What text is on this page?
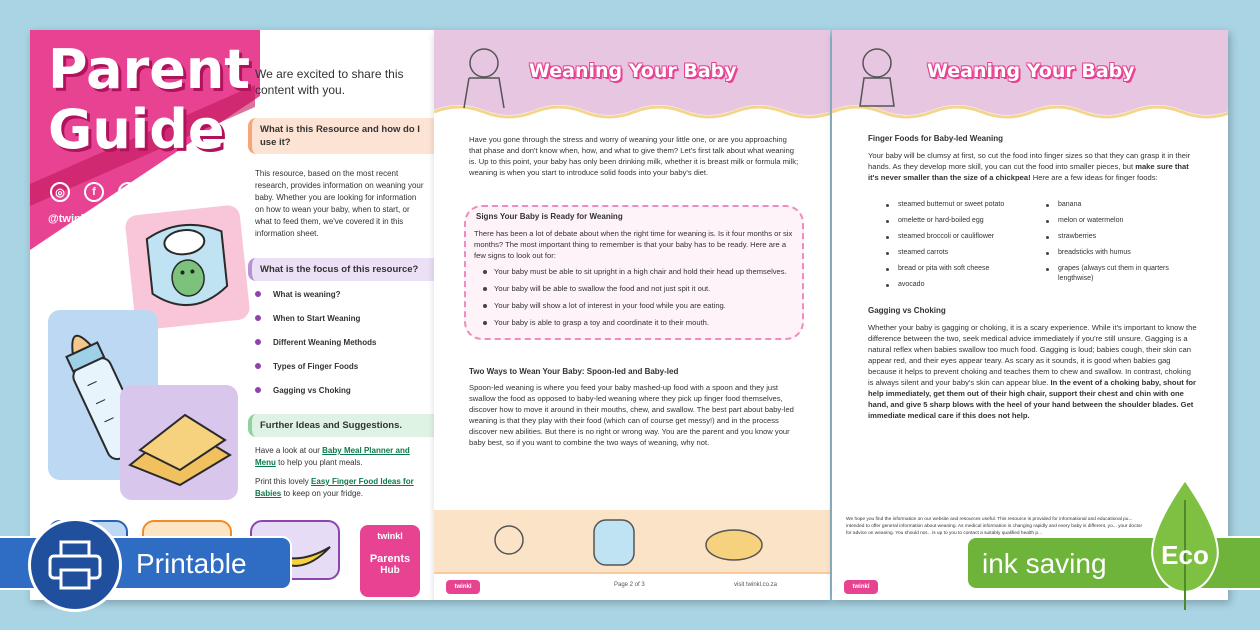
Parent
Guide
◎	f	p
@twinkl_sa
We are excited to share this content with you.
What is this Resource and how do I use it?
This resource, based on the most recent research, provides information on weaning your baby. Whether you are looking for information on how to wean your baby, when to start, or what to feed them, we've covered it in this information sheet.
What is the focus of this resource?
What is weaning?
When to Start Weaning
Different Weaning Methods
Types of Finger Foods
Gagging vs Choking
Further Ideas and Suggestions.
Have a look at our Baby Meal Planner and Menu to help you plant meals.
Print this lovely Easy Finger Food Ideas for Babies to keep on your fridge.
twinkl
Parents
Hub
Weaning Your Baby
Have you gone through the stress and worry of weaning your little one, or are you approaching that phase and don't know when, how, and what to give them? Let's first talk about what weaning is. Up to this point, your baby has only been drinking milk, whether it is breast milk or formula milk; weaning is when you start to introduce solid foods into your baby's diet.
Signs Your Baby is Ready for Weaning
There has been a lot of debate about when the right time for weaning is. Is it four months or six months? The most important thing to remember is that your baby has to be ready. Here are a few signs to look out for:
Your baby must be able to sit upright in a high chair and hold their head up themselves.
Your baby will be able to swallow the food and not just spit it out.
Your baby will show a lot of interest in your food while you are eating.
Your baby is able to grasp a toy and coordinate it to their mouth.
Two Ways to Wean Your Baby: Spoon-led and Baby-led
Spoon-led weaning is where you feed your baby mashed-up food with a spoon and they just swallow the food as opposed to baby-led weaning where they pick up finger food themselves, discover how to move it around in their mouths, chew, and swallow. The best part about baby-led weaning is that they play with their food (which can of course get messy!) and in the process discover new abilities. But there is no right or wrong way. You are the parent and you know your baby best, so if you want to combine the two ways of weaning, why not.
twinkl	Page 2 of 3	visit twinkl.co.za
Weaning Your Baby
Finger Foods for Baby-led Weaning
Your baby will be clumsy at first, so cut the food into finger sizes so that they can grasp it in their hands. As they develop more skill, you can cut the food into smaller pieces, but make sure that it's never smaller than the size of a chickpea! Here are a few ideas for finger foods:
steamed butternut or sweet potato
omelette or hard-boiled egg
steamed broccoli or cauliflower
steamed carrots
bread or pita with soft cheese
avocado
banana
melon or watermelon
strawberries
breadsticks with humus
grapes (always cut them in quarters lengthwise)
Gagging vs Choking
Whether your baby is gagging or choking, it is a scary experience. While it's important to know the difference between the two, seek medical advice immediately if you're still unsure. Gagging is a natural reflex when babies swallow too much food. Gagging is loud; babies cough, their skin can appear red, and their eyes appear teary. As scary as it sounds, it is good when babies gag because it helps to prevent choking and teaches them to chew and swallow. In contrast, choking is always silent and your baby's skin can appear blue. In the event of a choking baby, shout for help immediately, get them out of their high chair, support their chest and chin with one hand, and give 5 sharp blows with the heel of your hand between the shoulder blades. Get immediate medical care if this does not help.
We hope you find the information on our website and resources useful. This resource is provided for informational and educational pu... intended to offer general information about weaning. As medical information is changing rapidly and every baby is different, yo... your doctor for advice on weaning. You should not... is up to you to contact a suitably qualified health p...
twinkl
Printable	ink saving	Eco
